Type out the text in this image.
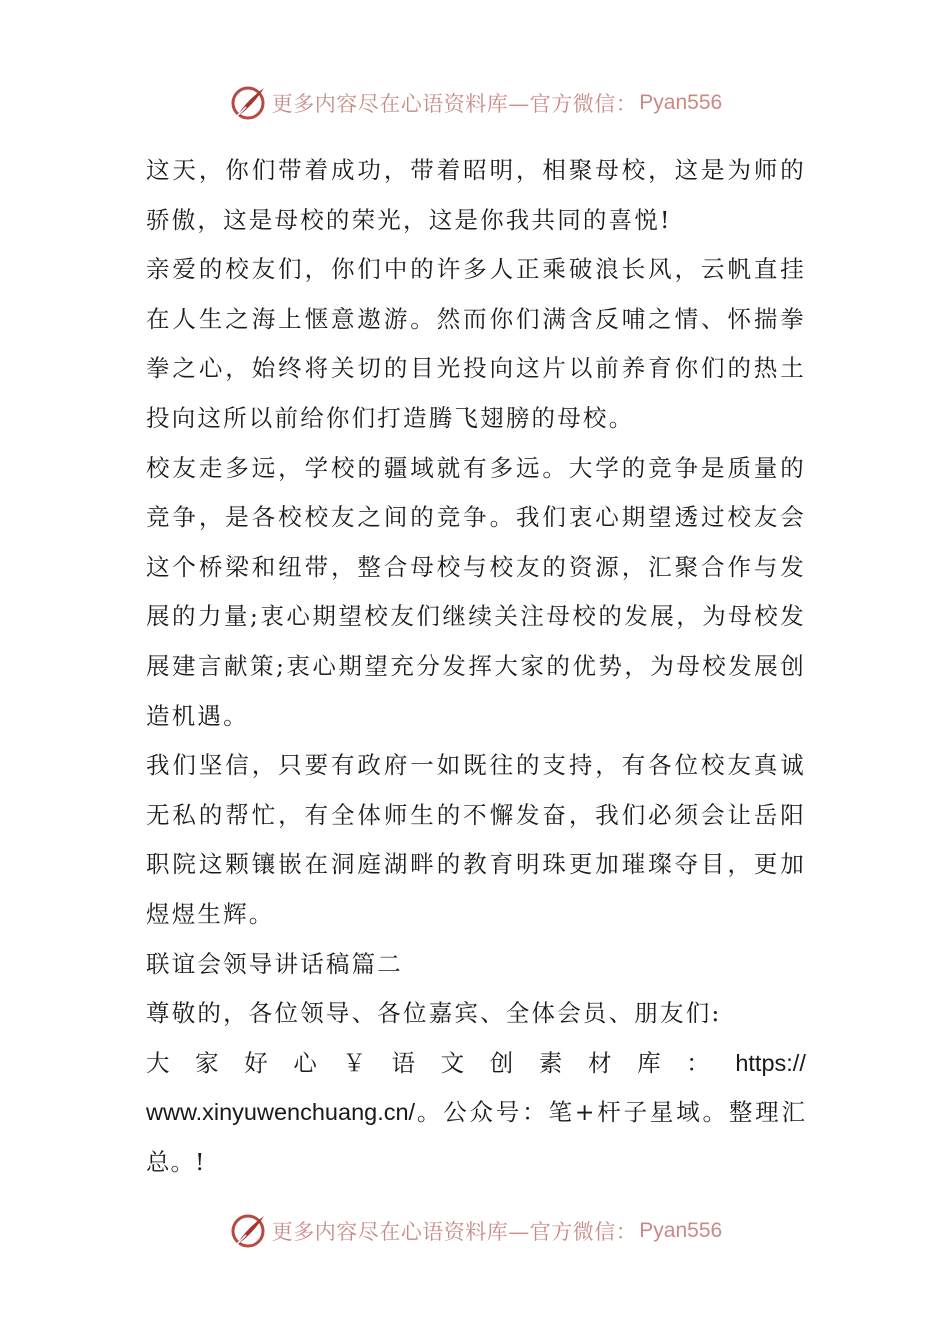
更多内容尽在心语资料库—官方微信： Pyan556

这天，你们带着成功，带着昭明，相聚母校，这是为师的骄傲，这是母校的荣光，这是你我共同的喜悦!

亲爱的校友们，你们中的许多人正乘破浪长风，云帆直挂在人生之海上惬意遨游。然而你们满含反哺之情、怀揣拳拳之心，始终将关切的目光投向这片以前养育你们的热土投向这所以前给你们打造腾飞翅膀的母校。

校友走多远，学校的疆域就有多远。大学的竞争是质量的竞争，是各校校友之间的竞争。我们衷心期望透过校友会这个桥梁和纽带，整合母校与校友的资源，汇聚合作与发展的力量;衷心期望校友们继续关注母校的发展，为母校发展建言献策;衷心期望充分发挥大家的优势，为母校发展创造机遇。

我们坚信，只要有政府一如既往的支持，有各位校友真诚无私的帮忙，有全体师生的不懈发奋，我们必须会让岳阳职院这颗镶嵌在洞庭湖畔的教育明珠更加璀璨夺目，更加煜煜生辉。

联谊会领导讲话稿篇二

尊敬的，各位领导、各位嘉宾、全体会员、朋友们:

大 家 好 心 ￥ 语 文 创 素 材 库 ： https://

www.xinyuwenchuang.cn/。公众号：笔+杆子星域。整理汇总。!

更多内容尽在心语资料库—官方微信： Pyan556
